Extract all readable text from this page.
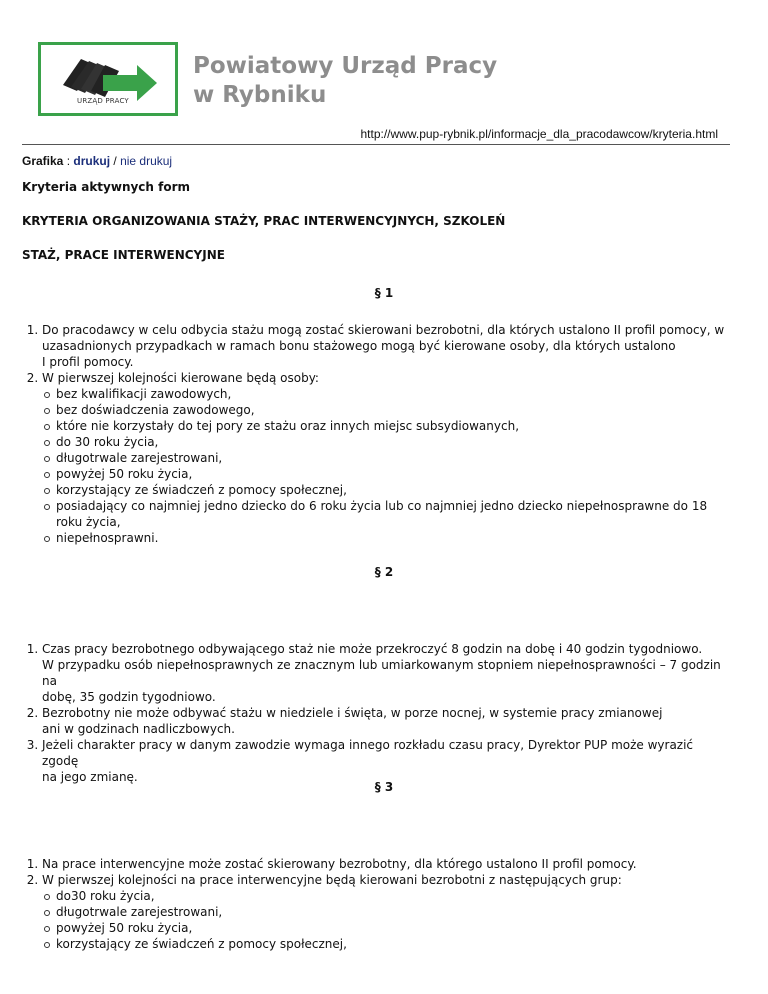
URZĄD PRACY
Powiatowy Urząd Pracy
w Rybniku
http://www.pup-rybnik.pl/informacje_dla_pracodawcow/kryteria.html
Grafika : drukuj / nie drukuj
Kryteria aktywnych form
KRYTERIA ORGANIZOWANIA STAŻY, PRAC INTERWENCYJNYCH, SZKOLEŃ
STAŻ, PRACE INTERWENCYJNE
§ 1
1. Do pracodawcy w celu odbycia stażu mogą zostać skierowani bezrobotni, dla których ustalono II profil pomocy, w
uzasadnionych przypadkach w ramach bonu stażowego mogą być kierowane osoby, dla których ustalono
I profil pomocy.
2. W pierwszej kolejności kierowane będą osoby:
bez kwalifikacji zawodowych,
bez doświadczenia zawodowego,
które nie korzystały do tej pory ze stażu oraz innych miejsc subsydiowanych,
do 30 roku życia,
długotrwale zarejestrowani,
powyżej 50 roku życia,
korzystający ze świadczeń z pomocy społecznej,
posiadający co najmniej jedno dziecko do 6 roku życia lub co najmniej jedno dziecko niepełnosprawne do 18 roku życia,
niepełnosprawni.
§ 2
1. Czas pracy bezrobotnego odbywającego staż nie może przekroczyć 8 godzin na dobę i 40 godzin tygodniowo.
W przypadku osób niepełnosprawnych ze znacznym lub umiarkowanym stopniem niepełnosprawności – 7 godzin na
dobę, 35 godzin tygodniowo.
2. Bezrobotny nie może odbywać stażu w niedziele i święta, w porze nocnej, w systemie pracy zmianowej
ani w godzinach nadliczbowych.
3. Jeżeli charakter pracy w danym zawodzie wymaga innego rozkładu czasu pracy, Dyrektor PUP może wyrazić zgodę
na jego zmianę.
§ 3
1. Na prace interwencyjne może zostać skierowany bezrobotny, dla którego ustalono II profil pomocy.
2. W pierwszej kolejności na prace interwencyjne będą kierowani bezrobotni z następujących grup:
do30 roku życia,
długotrwale zarejestrowani,
powyżej 50 roku życia,
korzystający ze świadczeń z pomocy społecznej,
